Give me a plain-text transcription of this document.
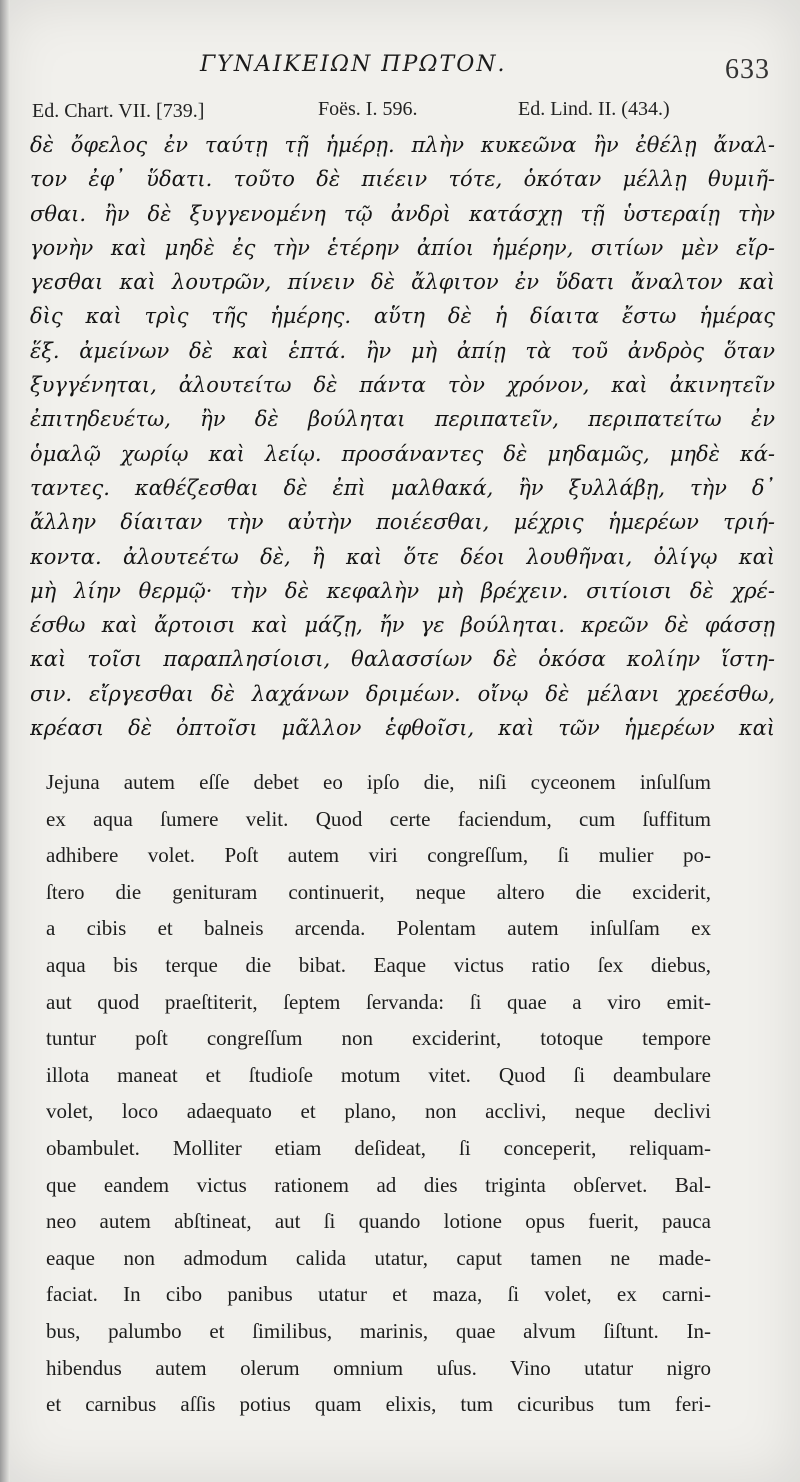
ΓΥΝΑΙΚΕΙΩΝ ΠΡΩΤΟΝ.	633
Ed. Chart. VII. [739.]	Foës. I. 596.	Ed. Lind. II. (434.)
δὲ ὄφελος ἐν ταύτῃ τῇ ἡμέρῃ. πλὴν κυκεῶνα ἢν ἐθέλῃ ἄναλ-
τον ἐφ᾽ ὕδατι. τοῦτο δὲ πιέειν τότε, ὁκόταν μέλλῃ θυμιῆ-
σθαι. ἢν δὲ ξυγγενομένη τῷ ἀνδρὶ κατάσχῃ τῇ ὑστεραίῃ τὴν
γονὴν καὶ μηδὲ ἐς τὴν ἑτέρην ἀπίοι ἡμέρην, σιτίων μὲν εἴρ-
γεσθαι καὶ λουτρῶν, πίνειν δὲ ἄλφιτον ἐν ὕδατι ἄναλτον καὶ
δὶς καὶ τρὶς τῆς ἡμέρης. αὕτη δὲ ἡ δίαιτα ἔστω ἡμέρας
ἕξ. ἀμείνων δὲ καὶ ἑπτά. ἢν μὴ ἀπίῃ τὰ τοῦ ἀνδρὸς ὅταν
ξυγγένηται, ἀλουτείτω δὲ πάντα τὸν χρόνον, καὶ ἀκινητεῖν
ἐπιτηδευέτω, ἢν δὲ βούληται περιπατεῖν, περιπατείτω ἐν
ὁμαλῷ χωρίῳ καὶ λείῳ. προσάναντες δὲ μηδαμῶς, μηδὲ κά-
ταντες. καθέζεσθαι δὲ ἐπὶ μαλθακά, ἢν ξυλλάβῃ, τὴν δ᾽
ἄλλην δίαιταν τὴν αὐτὴν ποιέεσθαι, μέχρις ἡμερέων τριή-
κοντα. ἀλουτεέτω δὲ, ἢ καὶ ὅτε δέοι λουθῆναι, ὀλίγῳ καὶ
μὴ λίην θερμῷ· τὴν δὲ κεφαλὴν μὴ βρέχειν. σιτίοισι δὲ χρέ-
έσθω καὶ ἄρτοισι καὶ μάζῃ, ἤν γε βούληται. κρεῶν δὲ φάσσῃ
καὶ τοῖσι παραπλησίοισι, θαλασσίων δὲ ὁκόσα κολίην ἵστη-
σιν. εἴργεσθαι δὲ λαχάνων δριμέων. οἴνῳ δὲ μέλανι χρεέσθω,
κρέασι δὲ ὀπτοῖσι μᾶλλον ἑφθοῖσι, καὶ τῶν ἡμερέων καὶ
Jejuna autem eſſe debet eo ipſo die, niſi cyceonem inſulſum
ex aqua ſumere velit. Quod certe faciendum, cum ſuffitum
adhibere volet. Poſt autem viri congreſſum, ſi mulier po-
ſtero die genituram continuerit, neque altero die exciderit,
a cibis et balneis arcenda. Polentam autem inſulſam ex
aqua bis terque die bibat. Eaque victus ratio ſex diebus,
aut quod praeſtiterit, ſeptem ſervanda: ſi quae a viro emit-
tuntur poſt congreſſum non exciderint, totoque tempore
illota maneat et ſtudioſe motum vitet. Quod ſi deambulare
volet, loco adaequato et plano, non acclivi, neque declivi
obambulet. Molliter etiam deſideat, ſi conceperit, reliquam-
que eandem victus rationem ad dies triginta obſervet. Bal-
neo autem abſtineat, aut ſi quando lotione opus fuerit, pauca
eaque non admodum calida utatur, caput tamen ne made-
faciat. In cibo panibus utatur et maza, ſi volet, ex carni-
bus, palumbo et ſimilibus, marinis, quae alvum ſiſtunt. In-
hibendus autem olerum omnium uſus. Vino utatur nigro
et carnibus aſſis potius quam elixis, tum cicuribus tum feri-
